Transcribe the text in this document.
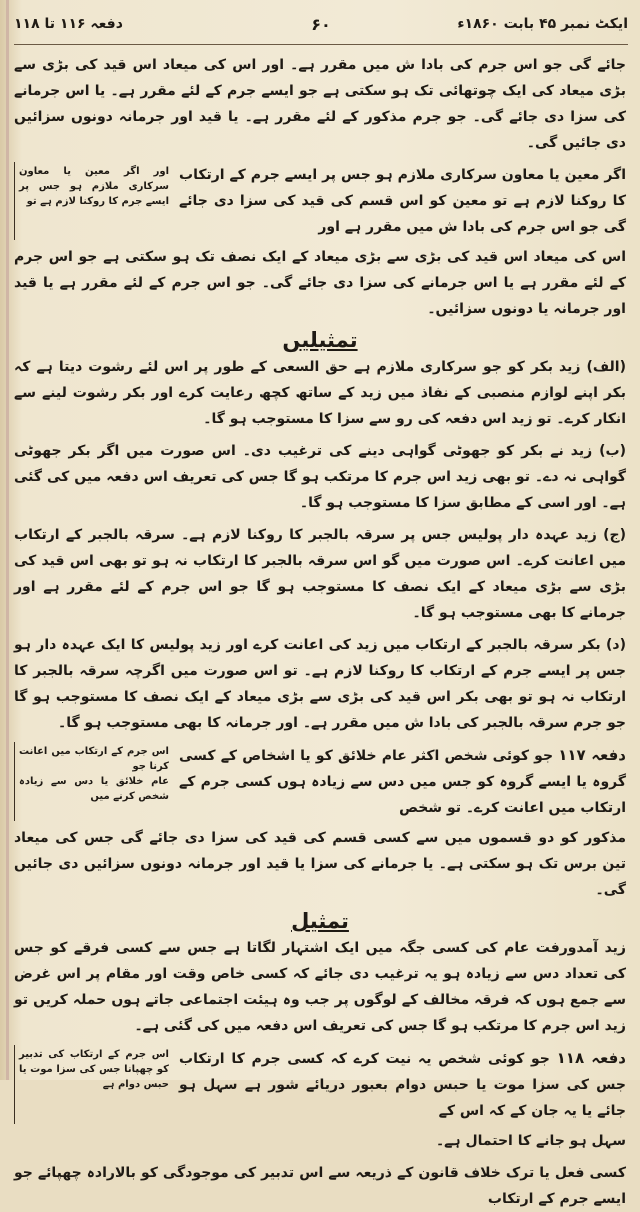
ایکٹ نمبر ۴۵ بابت ۱۸۶۰ء
۶۰
دفعہ ۱۱۶ تا ۱۱۸

جائے گی جو اس جرم کی بادا ش میں مقرر ہے۔ اور اس کی میعاد اس قید کی بڑی سے بڑی میعاد کی ایک چوتھائی تک ہو سکتی ہے جو ایسے جرم کے لئے مقرر ہے۔ یا اس جرمانے کی سزا دی جائے گی۔ جو جرم مذکور کے لئے مقرر ہے۔ یا قید اور جرمانہ دونوں سزائیں دی جائیں گی۔

اگر معین یا معاون سرکاری ملازم ہو جس پر ایسے جرم کے ارتکاب کا روکنا لازم ہے تو معین کو اس قسم کی قید کی سزا دی جائے گی جو اس جرم کی بادا ش میں مقرر ہے اور
اور اگر معین یا معاون سرکاری ملازم ہو جس پر ایسے جرم کا روکنا لازم ہے تو

اس کی میعاد اس قید کی بڑی سے بڑی میعاد کے ایک نصف تک ہو سکتی ہے جو اس جرم کے لئے مقرر ہے یا اس جرمانے کی سزا دی جائے گی۔ جو اس جرم کے لئے مقرر ہے یا قید اور جرمانہ یا دونوں سزائیں۔

تمثیلیں

(الف) زید بکر کو جو سرکاری ملازم ہے حق السعی کے طور پر اس لئے رشوت دیتا ہے کہ بکر اپنے لوازم منصبی کے نفاذ میں زید کے ساتھ کچھ رعایت کرے اور بکر رشوت لینے سے انکار کرے۔ تو زید اس دفعہ کی رو سے سزا کا مستوجب ہو گا۔

(ب) زید نے بکر کو جھوٹی گواہی دینے کی ترغیب دی۔ اس صورت میں اگر بکر جھوٹی گواہی نہ دے۔ تو بھی زید اس جرم کا مرتکب ہو گا جس کی تعریف اس دفعہ میں کی گئی ہے۔ اور اسی کے مطابق سزا کا مستوجب ہو گا۔

(ج) زید عہدہ دار پولیس جس پر سرقہ بالجبر کا روکنا لازم ہے۔ سرقہ بالجبر کے ارتکاب میں اعانت کرے۔ اس صورت میں گو اس سرقہ بالجبر کا ارتکاب نہ ہو تو بھی اس قید کی بڑی سے بڑی میعاد کے ایک نصف کا مستوجب ہو گا جو اس جرم کے لئے مقرر ہے اور جرمانے کا بھی مستوجب ہو گا۔

(د) بکر سرقہ بالجبر کے ارتکاب میں زید کی اعانت کرے اور زید پولیس کا ایک عہدہ دار ہو جس پر ایسے جرم کے ارتکاب کا روکنا لازم ہے۔ تو اس صورت میں اگرچہ سرقہ بالجبر کا ارتکاب نہ ہو تو بھی بکر اس قید کی بڑی سے بڑی میعاد کے ایک نصف کا مستوجب ہو گا جو جرم سرقہ بالجبر کی بادا ش میں مقرر ہے۔ اور جرمانہ کا بھی مستوجب ہو گا۔

دفعہ ۱۱۷ جو کوئی شخص اکثر عام خلائق کو یا اشخاص کے کسی گروہ یا ایسے گروہ کو جس میں دس سے زیادہ ہوں کسی جرم کے ارتکاب میں اعانت کرے۔ تو شخص
اس جرم کے ارتکاب میں اعانت کرنا جو
عام خلائق یا دس سے زیادہ شخص کرنے میں

مذکور کو دو قسموں میں سے کسی قسم کی قید کی سزا دی جائے گی جس کی میعاد تین برس تک ہو سکتی ہے۔ یا جرمانے کی سزا یا قید اور جرمانہ دونوں سزائیں دی جائیں گی۔

تمثیل

زید آمدورفت عام کی کسی جگہ میں ایک اشتہار لگاتا ہے جس سے کسی فرقے کو جس کی تعداد دس سے زیادہ ہو یہ ترغیب دی جائے کہ کسی خاص وقت اور مقام پر اس غرض سے جمع ہوں کہ فرقہ مخالف کے لوگوں پر جب وہ ہیئت اجتماعی جاتے ہوں حملہ کریں تو زید اس جرم کا مرتکب ہو گا جس کی تعریف اس دفعہ میں کی گئی ہے۔

دفعہ ۱۱۸ جو کوئی شخص یہ نیت کرے کہ کسی جرم کا ارتکاب جس کی سزا موت یا حبس دوام بعبور دریائے شور ہے سہل ہو جائے یا یہ جان کے کہ اس کے
اس جرم کے ارتکاب کی تدبیر کو چھپانا جس کی سزا موت یا حبس دوام ہے

سہل ہو جانے کا احتمال ہے۔

کسی فعل یا ترک خلاف قانون کے ذریعہ سے اس تدبیر کی موجودگی کو بالارادہ چھپائے جو ایسے جرم کے ارتکاب
